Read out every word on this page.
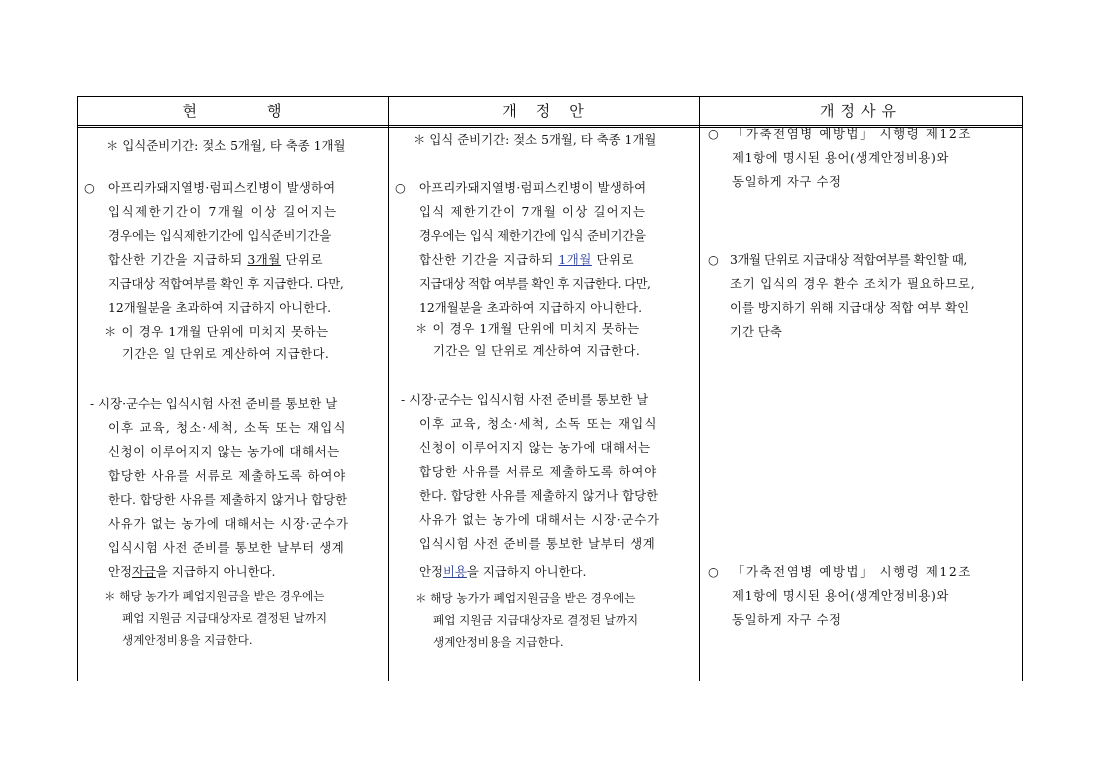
현　　　　행	개　정　안	개정사유
＊ 입식준비기간: 젖소 5개월, 타 축종 1개월
○ 아프리카돼지열병·럼피스킨병이 발생하여
입식제한기간이 7개월 이상 길어지는
경우에는 입식제한기간에 입식준비기간을
합산한 기간을 지급하되 3개월 단위로
지급대상 적합여부를 확인 후 지급한다. 다만,
12개월분을 초과하여 지급하지 아니한다.
＊ 이 경우 1개월 단위에 미치지 못하는
기간은 일 단위로 계산하여 지급한다.
- 시장·군수는 입식시험 사전 준비를 통보한 날
이후 교육, 청소·세척, 소독 또는 재입식
신청이 이루어지지 않는 농가에 대해서는
합당한 사유를 서류로 제출하도록 하여야
한다. 합당한 사유를 제출하지 않거나 합당한
사유가 없는 농가에 대해서는 시장·군수가
입식시험 사전 준비를 통보한 날부터 생계
안정자금을 지급하지 아니한다.
＊ 해당 농가가 폐업지원금을 받은 경우에는
폐업 지원금 지급대상자로 결정된 날까지
생계안정비용을 지급한다.
＊ 입식 준비기간: 젖소 5개월, 타 축종 1개월
○ 아프리카돼지열병·럼피스킨병이 발생하여
입식 제한기간이 7개월 이상 길어지는
경우에는 입식 제한기간에 입식 준비기간을
합산한 기간을 지급하되 1개월 단위로
지급대상 적합 여부를 확인 후 지급한다. 다만,
12개월분을 초과하여 지급하지 아니한다.
＊ 이 경우 1개월 단위에 미치지 못하는
기간은 일 단위로 계산하여 지급한다.
- 시장·군수는 입식시험 사전 준비를 통보한 날
이후 교육, 청소·세척, 소독 또는 재입식
신청이 이루어지지 않는 농가에 대해서는
합당한 사유를 서류로 제출하도록 하여야
한다. 합당한 사유를 제출하지 않거나 합당한
사유가 없는 농가에 대해서는 시장·군수가
입식시험 사전 준비를 통보한 날부터 생계
안정비용을 지급하지 아니한다.
＊ 해당 농가가 폐업지원금을 받은 경우에는
폐업 지원금 지급대상자로 결정된 날까지
생계안정비용을 지급한다.
○ 「가축전염병 예방법」 시행령 제12조
제1항에 명시된 용어(생계안정비용)와
동일하게 자구 수정
○ 3개월 단위로 지급대상 적합여부를 확인할 때,
조기 입식의 경우 환수 조치가 필요하므로,
이를 방지하기 위해 지급대상 적합 여부 확인
기간 단축
○ 「가축전염병 예방법」 시행령 제12조
제1항에 명시된 용어(생계안정비용)와
동일하게 자구 수정
